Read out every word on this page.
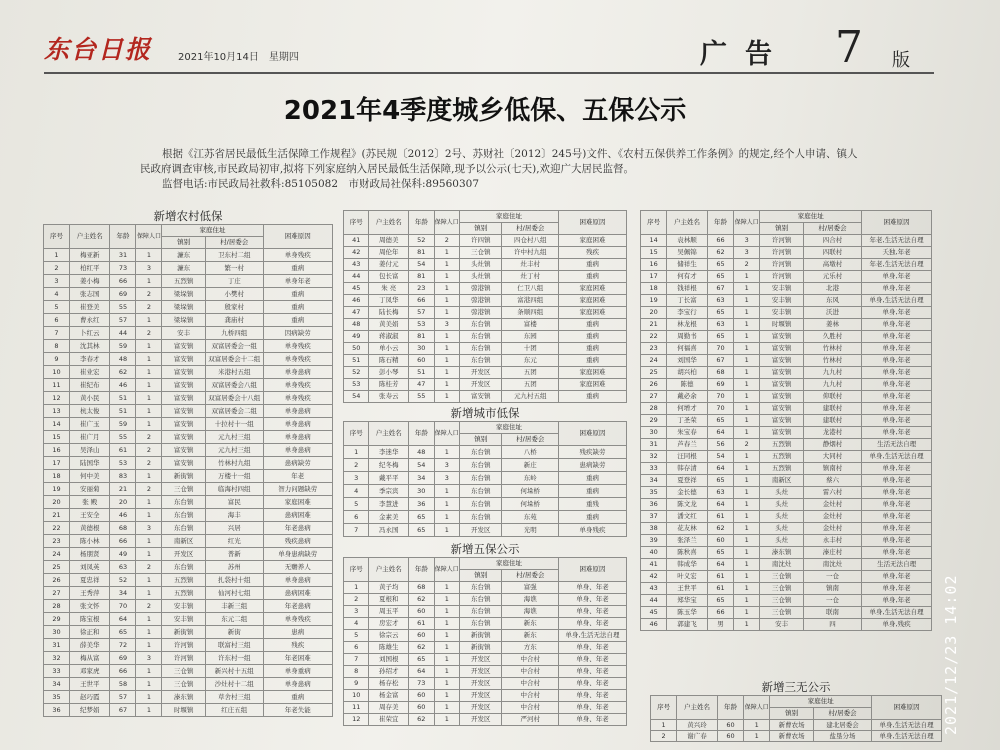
东台日报	2021年10月14日　星期四	广告 7 版
2021年4季度城乡低保、五保公示

根据《江苏省居民最低生活保障工作规程》(苏民规〔2012〕2号、苏财社〔2012〕245号)文件、《农村五保供养工作条例》的规定,经个人申请、镇人民政府调查审核,市民政局初审,拟将下列家庭纳入居民最低生活保障,现予以公示(七天),欢迎广大居民监督。

监督电话:市民政局社救科:85105082　市财政局社保科:89560307

新增农村低保
序号	户主姓名	年龄	保障人口	家庭住址		困难原因
				镇别	村/居委会	
1	梅亚新	31	1	濂东	卫东村二组	单身残疾
2	柏红平	73	3	濂东	繁一村	重病
3	姜小梅	66	1	五烈镇	丁庄	单身年老
4	张志国	69	2	梁垛镇	小樊村	重病
5	崔登美	55	2	梁垛镇	殷家村	重病
6	曹永红	57	1	梁垛镇	龚庙村	重病
7	卜红云	44	2	安丰	九桥四组	因病缺劳
8	沈其林	59	1	富安镇	双富居委会一组	单身残疾
9	李春才	48	1	富安镇	双富居委会十二组	单身残疾
10	崔业宏	62	1	富安镇	米港村五组	单身患病
11	崔纪布	46	1	富安镇	双富居委会八组	单身残疾
12	黄小民	51	1	富安镇	双富居委会十八组	单身残疾
13	杭太俊	51	1	富安镇	双富居委会二组	单身患病
14	崔广玉	59	1	富安镇	十拉村十一组	单身患病
15	崔广月	55	2	富安镇	元九村三组	单身患病
16	吴泽山	61	2	富安镇	元九村三组	单身患病
17	陆国华	53	2	富安镇	竹林村九组	患病缺劳
18	何中美	83	1	新街镇	万楼十一组	年老
19	安丽菊	21	2	三仓镇	临海村四组	智力问题缺劳
20	张 殿	20	1	东台镇	富民	家庭困难
21	王安全	46	1	东台镇	海丰	患病困难
22	黄德根	68	3	东台镇	兴居	年老患病
23	陈小林	66	1	南新区	红光	残疾患病
24	杨朋贤	49	1	开发区	普新	单身患病缺劳
25	刘凤英	63	2	东台镇	苏州	无赡养人
26	夏忠祥	52	1	五烈镇	扎袋村十组	单身患病
27	王秀萍	34	1	五烈镇	仙河村七组	患病困难
28	张文怀	70	2	安丰镇	丰新三组	年老患病
29	陈宝根	64	1	安丰镇	东元二组	单身残疾
30	徐正和	65	1	新街镇	新街	患病
31	薛美华	72	1	许河镇	联富村三组	残疾
32	梅从富	69	3	许河镇	许东村一组	年老困难
33	邓家虎	66	1	三仓镇	新兴村十五组	单身重病
34	王世平	58	1	三仓镇	沙灶村十二组	单身患病
35	赵巧霞	57	1	溱东镇	草舍村三组	重病
36	纪梦娟	67	1	时堰镇	红庄五组	年老失能
序号	户主姓名	年龄	保障人口	家庭住址		困难原因
				镇别	村/居委会	
41	周德美	52	2	许四镇	四仓村八组	家庭困难
42	周伦年	81	1	三仓镇	许中村九组	残疾
43	姜付元	54	1	头灶镇	灶丰村	重病
44	包长富	81	1	头灶镇	灶丁村	重病
45	朱 亮	23	1	弶港镇	仁卫八组	家庭困难
46	丁凤华	66	1	弶港镇	富港四组	家庭困难
47	陆长梅	57	1	弶港镇	条顺四组	家庭困难
48	黄美娟	53	3	东台镇	富楼	重病
49	蒋淑淑	81	1	东台镇	东园	重病
50	单小云	30	1	东台镇	十团	重病
51	陈石精	60	1	东台镇	东元	重病
52	彭小琴	51	1	开发区	五团	家庭困难
53	陈桂芳	47	1	开发区	五团	家庭困难
54	张寿云	55	1	富安镇	元九村五组	重病
新增城市低保
序号	户主姓名	年龄	保障人口	家庭住址		困难原因
				镇别	村/居委会	
1	李迷华	48	1	东台镇	八桥	残疾缺劳
2	纪冬梅	54	3	东台镇	新庄	患病缺劳
3	戴平平	34	3	东台镇	东岭	重病
4	季宗宾	30	1	东台镇	何垛桥	重病
5	李慧进	36	1	东台镇	何垛桥	重残
6	金素美	65	1	东台镇	东苑	重病
7	冯永国	65	1	开发区	光明	单身残疾
新增五保公示
序号	户主姓名	年龄	保障人口	家庭住址		困难原因
				镇别	村/居委会	
1	黄子均	68	1	东台镇	富强	单身、年老
2	夏根和	62	1	东台镇	海谯	单身、年老
3	周玉平	60	1	东台镇	海谯	单身、年老
4	房宏才	61	1	东台镇	新东	单身、年老
5	徐宗云	60	1	新街镇	新东	单身,生活无法自理
6	陈雄生	62	1	新街镇	方东	单身、年老
7	刘国根	65	1	开发区	中合村	单身、年老
8	孙绍才	64	1	开发区	中合村	单身、年老
9	杨存松	73	1	开发区	中合村	单身、年老
10	杨金富	60	1	开发区	中合村	单身、年老
11	周存美	60	1	开发区	中合村	单身、年老
12	崔荣宜	62	1	开发区	严河村	单身、年老
序号	户主姓名	年龄	保障人口	家庭住址		困难原因
				镇别	村/居委会	
14	袁林顺	66	3	许河镇	四合村	年老,生活无法自理
15	吴佩锦	62	3	许河镇	四联村	夭独,年老
16	储祥生	65	2	许河镇	高墩村	年老,生活无法自理
17	何有才	65	1	许河镇	元乐村	单身,年老
18	钱祥根	67	1	安丰镇	北港	单身,年老
19	丁长富	63	1	安丰镇	东风	单身,生活无法自理
20	李宝行	65	1	安丰镇	沃进	单身,年老
21	林龙根	63	1	时堰镇	姜林	单身,年老
22	周勤书	65	1	富安镇	久胜村	单身,年老
23	何福喜	70	1	富安镇	竹林村	单身,年老
24	刘国华	67	1	富安镇	竹林村	单身,年老
25	胡兴柏	68	1	富安镇	九九村	单身,年老
26	陈德	69	1	富安镇	九九村	单身,年老
27	戴必余	70	1	富安镇	仰联村	单身,年老
28	何增才	70	1	富安镇	建联村	单身,年老
29	丁圣荣	65	1	富安镇	建联村	单身,年老
30	朱宝春	64	1	富安镇	龙港村	单身,年老
31	芦春兰	56	2	五烈镇	静烟村	生活无法自理
32	汪同根	54	1	五烈镇	大同村	单身,生活无法自理
33	韩存清	64	1	五烈镇	镇南村	单身,年老
34	夏登祥	65	1	南新区	蔡六	单身,年老
35	金长德	63	1	头灶	雷六村	单身,年老
36	陈文龙	64	1	头灶	金灶村	单身,年老
37	潘文红	61	1	头灶	金灶村	单身,年老
38	花友林	62	1	头灶	金灶村	单身,年老
39	张泽兰	60	1	头灶	永丰村	单身,年老
40	陈秋喜	65	1	溱东镇	溱庄村	单身,年老
41	韩成华	64	1	南沈灶	南沈灶	生活无法自理
42	叶义宏	61	1	三仓镇	一仓	单身,年老
43	王世平	61	1	三仓镇	镇南	单身,年老
44	郑华宝	65	1	三仓镇	一仓	单身,年老
45	陈玉华	66	1	三仓镇	联南	单身,生活无法自理
46	郭建飞	男	1	安丰	四	单身,残疾
新增三无公示
序号	户主姓名	年龄	保障人口	家庭住址		困难原因
				镇别	村/居委会	
1	黄兴玲	60	1	新曹农场	建北居委会	单身,生活无法自理
2	谢广春	60	1	新曹农场	盐垦分场	单身,生活无法自理
2021/12/23 14:02
